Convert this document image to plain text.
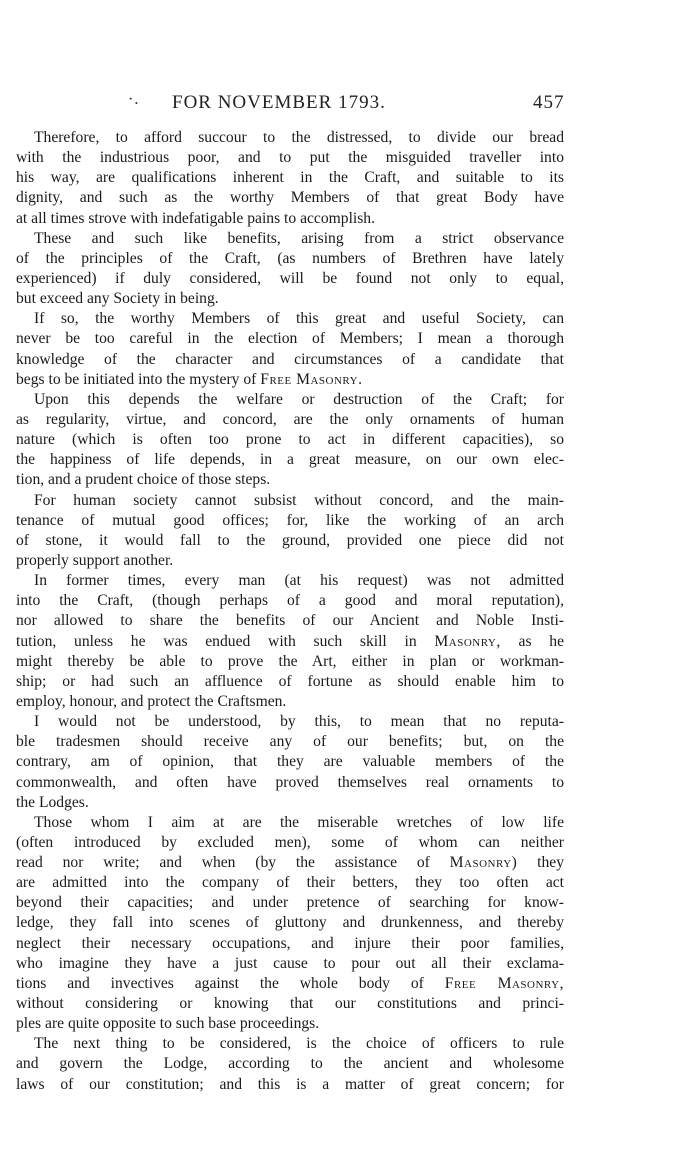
·. FOR NOVEMBER 1793.	457
Therefore, to afford succour to the distressed, to divide our bread
with the industrious poor, and to put the misguided traveller into
his way, are qualifications inherent in the Craft, and suitable to its
dignity, and such as the worthy Members of that great Body have
at all times strove with indefatigable pains to accomplish.
These and such like benefits, arising from a strict observance
of the principles of the Craft, (as numbers of Brethren have lately
experienced) if duly considered, will be found not only to equal,
but exceed any Society in being.
If so, the worthy Members of this great and useful Society, can
never be too careful in the election of Members; I mean a thorough
knowledge of the character and circumstances of a candidate that
begs to be initiated into the mystery of Free Masonry.
Upon this depends the welfare or destruction of the Craft; for
as regularity, virtue, and concord, are the only ornaments of human
nature (which is often too prone to act in different capacities), so
the happiness of life depends, in a great measure, on our own elec-
tion, and a prudent choice of those steps.
For human society cannot subsist without concord, and the main-
tenance of mutual good offices; for, like the working of an arch
of stone, it would fall to the ground, provided one piece did not
properly support another.
In former times, every man (at his request) was not admitted
into the Craft, (though perhaps of a good and moral reputation),
nor allowed to share the benefits of our Ancient and Noble Insti-
tution, unless he was endued with such skill in Masonry, as he
might thereby be able to prove the Art, either in plan or workman-
ship; or had such an affluence of fortune as should enable him to
employ, honour, and protect the Craftsmen.
I would not be understood, by this, to mean that no reputa-
ble tradesmen should receive any of our benefits; but, on the
contrary, am of opinion, that they are valuable members of the
commonwealth, and often have proved themselves real ornaments to
the Lodges.
Those whom I aim at are the miserable wretches of low life
(often introduced by excluded men), some of whom can neither
read nor write; and when (by the assistance of Masonry) they
are admitted into the company of their betters, they too often act
beyond their capacities; and under pretence of searching for know-
ledge, they fall into scenes of gluttony and drunkenness, and thereby
neglect their necessary occupations, and injure their poor families,
who imagine they have a just cause to pour out all their exclama-
tions and invectives against the whole body of Free Masonry,
without considering or knowing that our constitutions and princi-
ples are quite opposite to such base proceedings.
The next thing to be considered, is the choice of officers to rule
and govern the Lodge, according to the ancient and wholesome
laws of our constitution; and this is a matter of great concern; for
